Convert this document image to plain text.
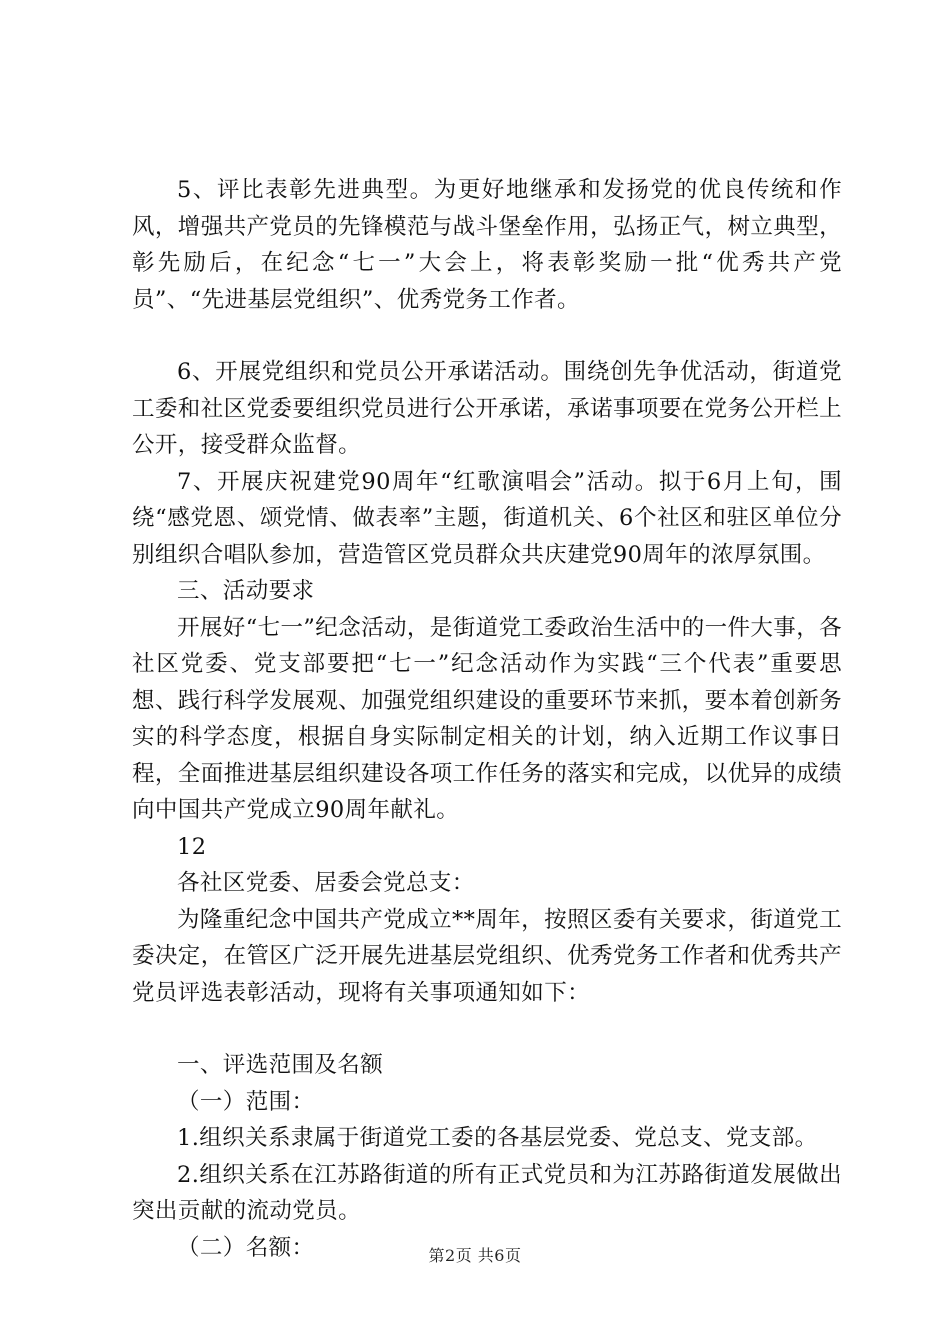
5、评比表彰先进典型。为更好地继承和发扬党的优良传统和作风，增强共产党员的先锋模范与战斗堡垒作用，弘扬正气，树立典型，彰先励后，在纪念“七一”大会上，将表彰奖励一批“优秀共产党员”、“先进基层党组织”、优秀党务工作者。

6、开展党组织和党员公开承诺活动。围绕创先争优活动，街道党工委和社区党委要组织党员进行公开承诺，承诺事项要在党务公开栏上公开，接受群众监督。

7、开展庆祝建党90周年“红歌演唱会”活动。拟于6月上旬，围绕“感党恩、颂党情、做表率”主题，街道机关、6个社区和驻区单位分别组织合唱队参加，营造管区党员群众共庆建党90周年的浓厚氛围。

三、活动要求

开展好“七一”纪念活动，是街道党工委政治生活中的一件大事，各社区党委、党支部要把“七一”纪念活动作为实践“三个代表”重要思想、践行科学发展观、加强党组织建设的重要环节来抓，要本着创新务实的科学态度，根据自身实际制定相关的计划，纳入近期工作议事日程，全面推进基层组织建设各项工作任务的落实和完成，以优异的成绩向中国共产党成立90周年献礼。

12

各社区党委、居委会党总支：

为隆重纪念中国共产党成立**周年，按照区委有关要求，街道党工委决定，在管区广泛开展先进基层党组织、优秀党务工作者和优秀共产党员评选表彰活动，现将有关事项通知如下：

一、评选范围及名额

（一）范围：

1.组织关系隶属于街道党工委的各基层党委、党总支、党支部。

2.组织关系在江苏路街道的所有正式党员和为江苏路街道发展做出突出贡献的流动党员。

（二）名额：	第2页 共6页
